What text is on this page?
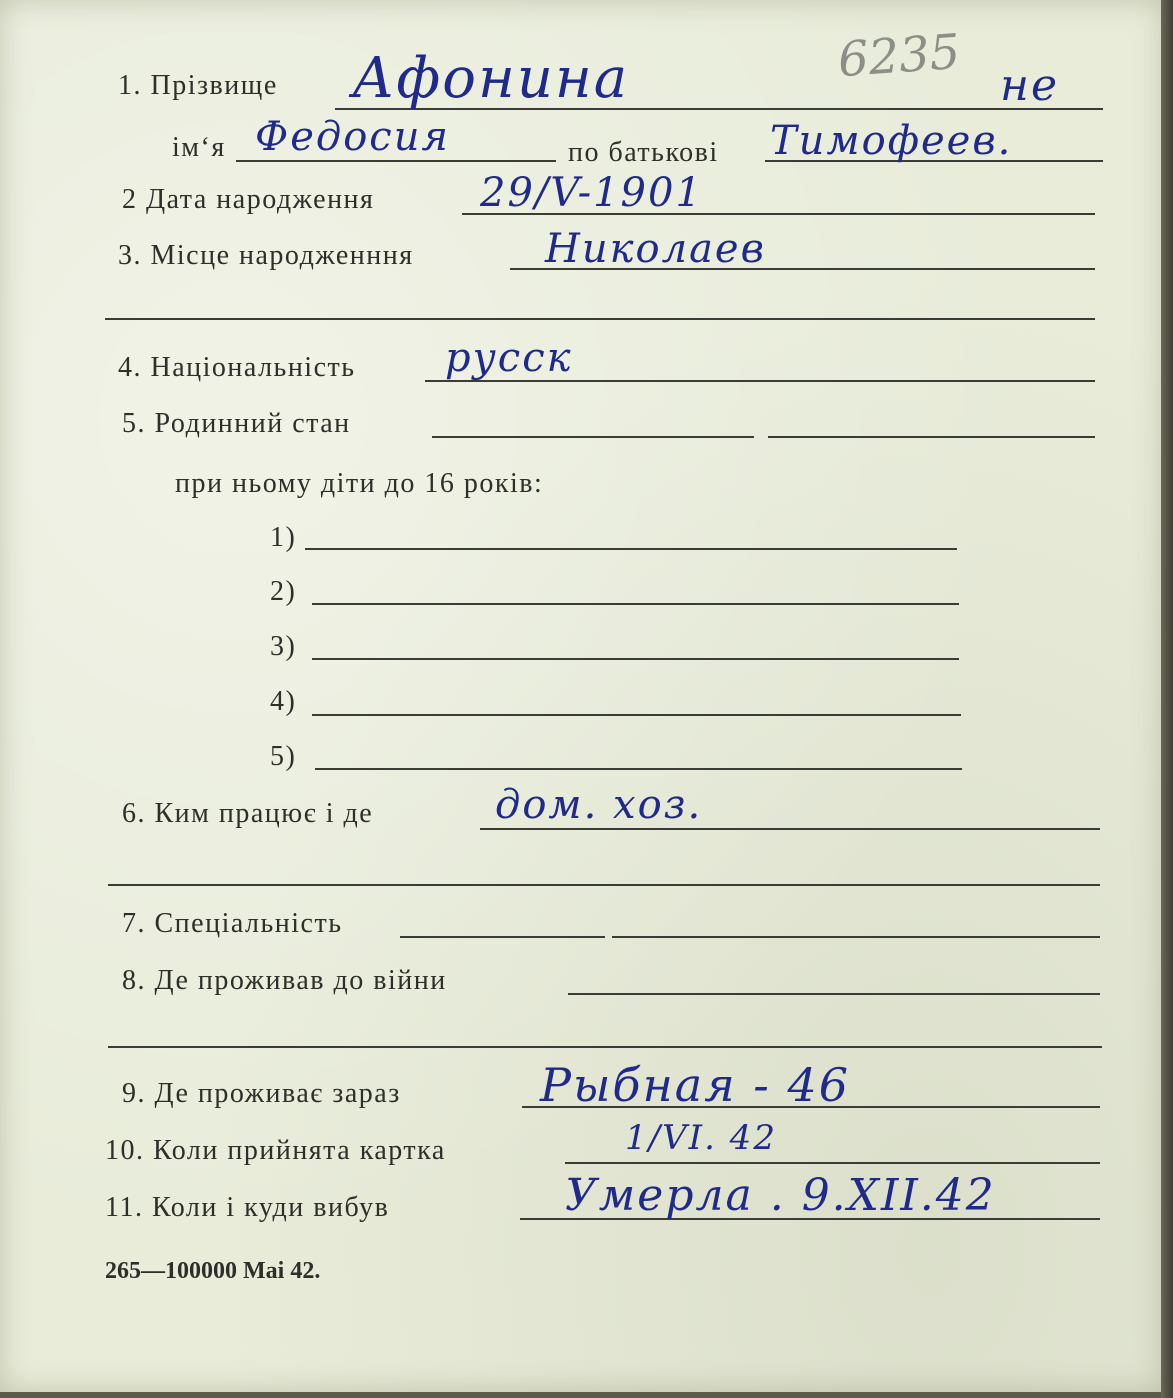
6235
1. Прізвище Афонина	не
ім‘я Федосия	по батькові Тимофеев.
2 Дата народження	29/V-1901
3. Місце народженння	Николаев
4. Національність русск
5. Родинний стан
при ньому діти до 16 років:
1)
2)
3)
4)
5)
6. Ким працює і де	дом. хоз.
7. Спеціальність
8. Де проживав до війни
9. Де проживає зараз	Рыбная - 46
10. Коли прийнята картка	1/VI. 42
11. Коли і куди вибув	Умерла . 9.XII.42
265—100000 Mai 42.
